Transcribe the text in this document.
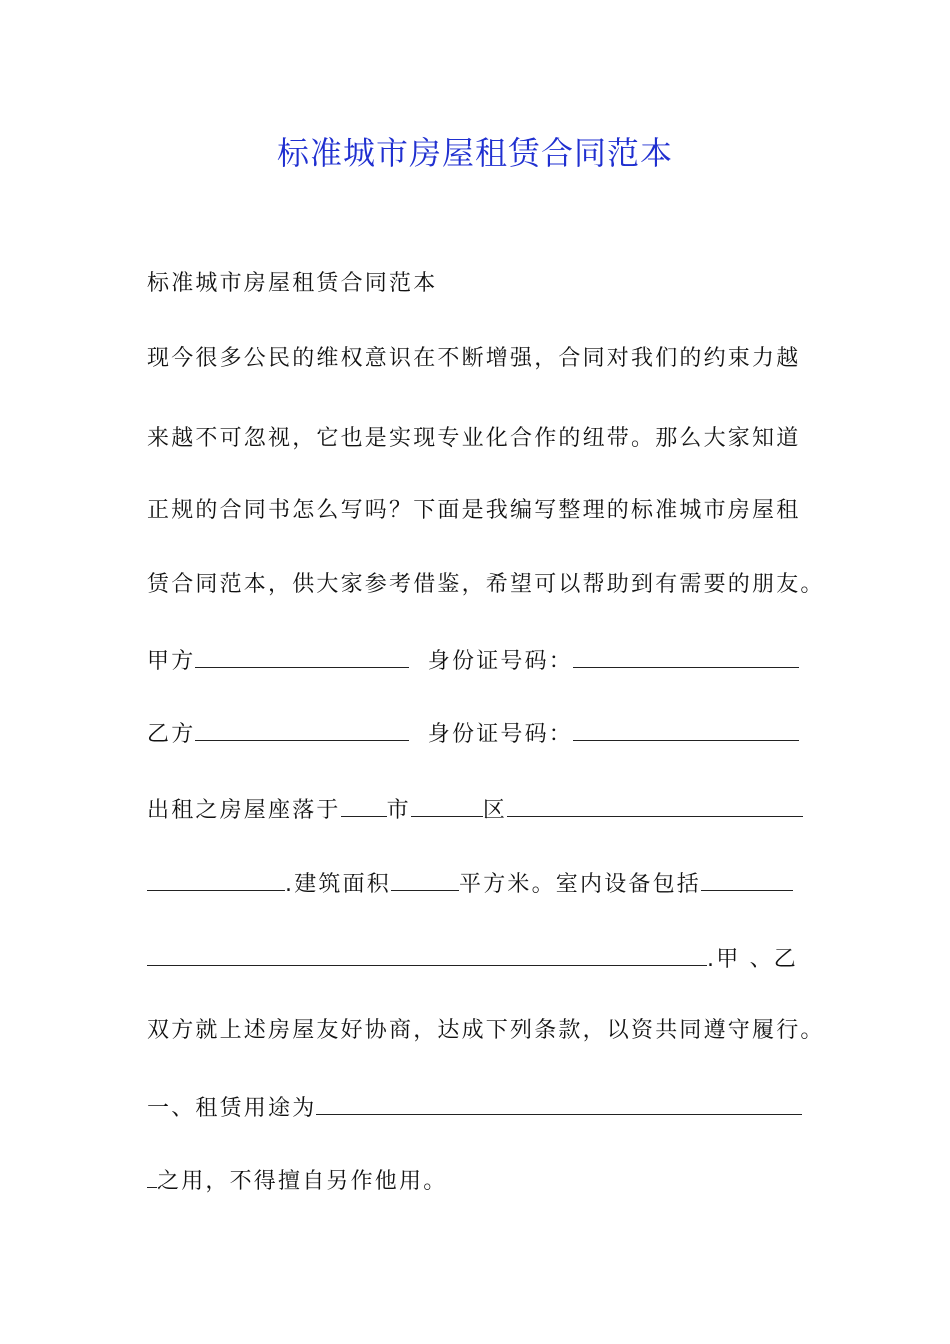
标准城市房屋租赁合同范本
标准城市房屋租赁合同范本
现今很多公民的维权意识在不断增强，合同对我们的约束力越
来越不可忽视，它也是实现专业化合作的纽带。那么大家知道
正规的合同书怎么写吗？下面是我编写整理的标准城市房屋租
赁合同范本，供大家参考借鉴，希望可以帮助到有需要的朋友。
甲方	身份证号码：
乙方	身份证号码：
出租之房屋座落于 市	区
.建筑面积	平方米。室内设备包括
.甲 、乙
双方就上述房屋友好协商，达成下列条款，以资共同遵守履行。
一、租赁用途为
之用，不得擅自另作他用。
